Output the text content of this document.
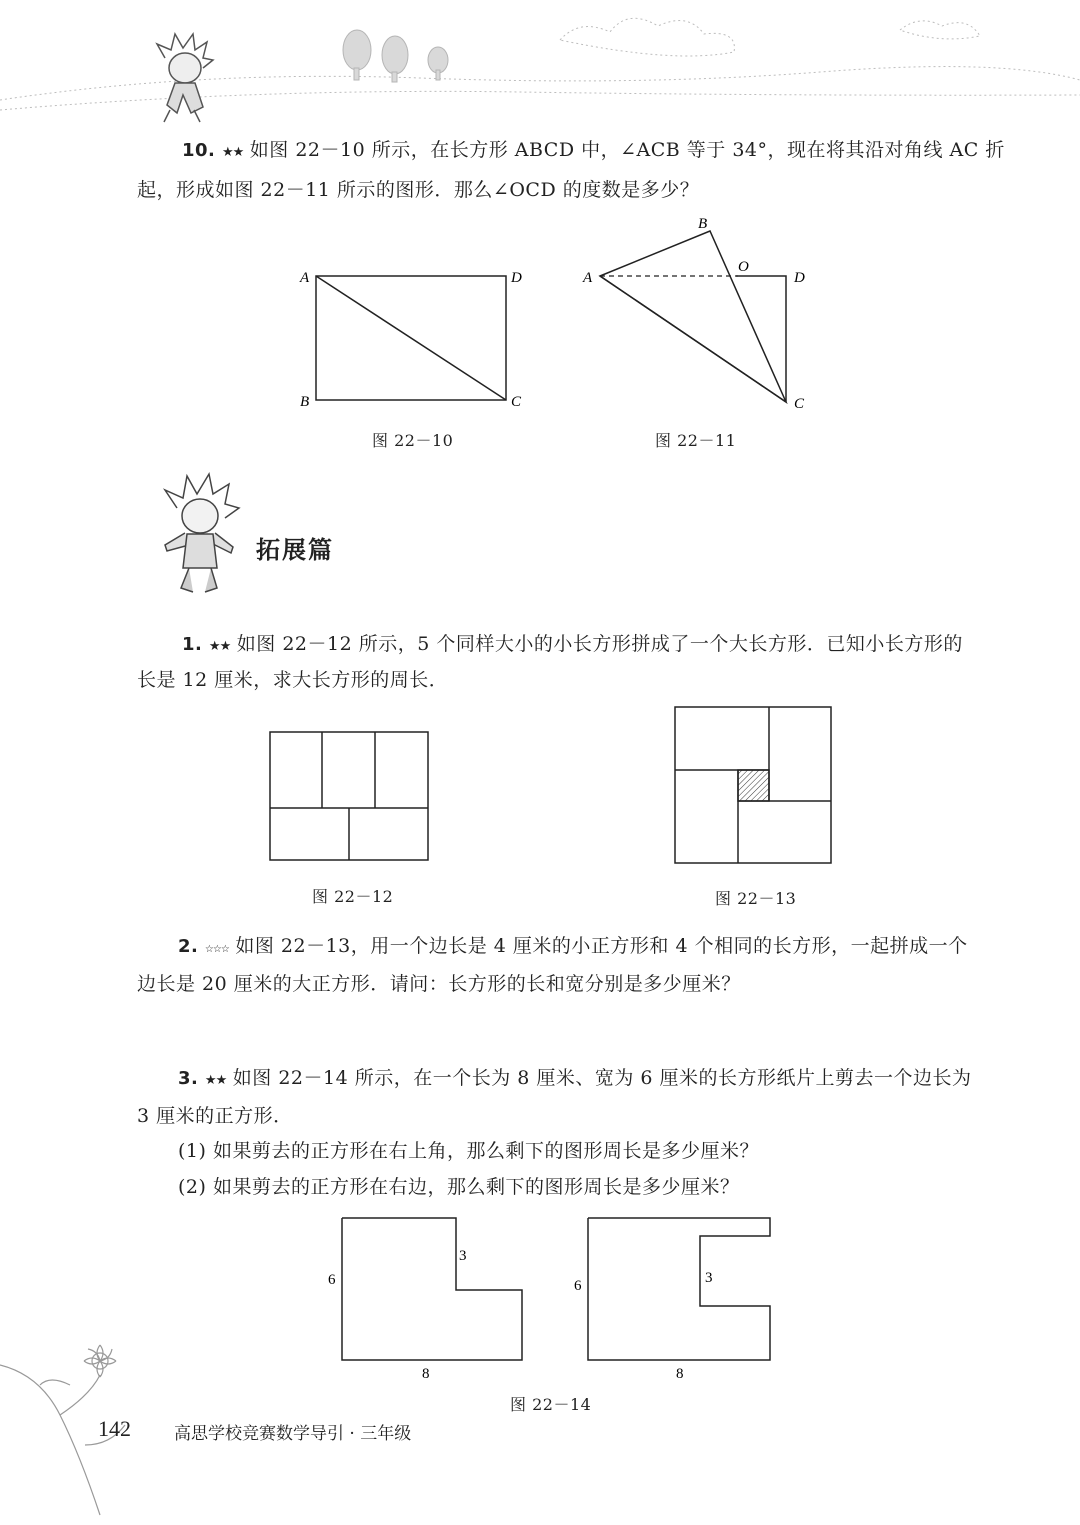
10. ★★ 如图 22－10 所示，在长方形 ABCD 中，∠ACB 等于 34°，现在将其沿对角线 AC 折
起，形成如图 22－11 所示的图形．那么∠OCD 的度数是多少？
A	D
B	C
图 22－10
A
B
O
D
C
图 22－11
拓展篇
1. ★★ 如图 22－12 所示，5 个同样大小的小长方形拼成了一个大长方形．已知小长方形的
长是 12 厘米，求大长方形的周长．
图 22－12	图 22－13
2. ☆☆☆ 如图 22－13，用一个边长是 4 厘米的小正方形和 4 个相同的长方形，一起拼成一个
边长是 20 厘米的大正方形．请问：长方形的长和宽分别是多少厘米？
3. ★★ 如图 22－14 所示，在一个长为 8 厘米、宽为 6 厘米的长方形纸片上剪去一个边长为
3 厘米的正方形．
(1) 如果剪去的正方形在右上角，那么剩下的图形周长是多少厘米？
(2) 如果剪去的正方形在右边，那么剩下的图形周长是多少厘米？
6
8
3
6
8
3
图 22－14
142	高思学校竞赛数学导引 · 三年级
